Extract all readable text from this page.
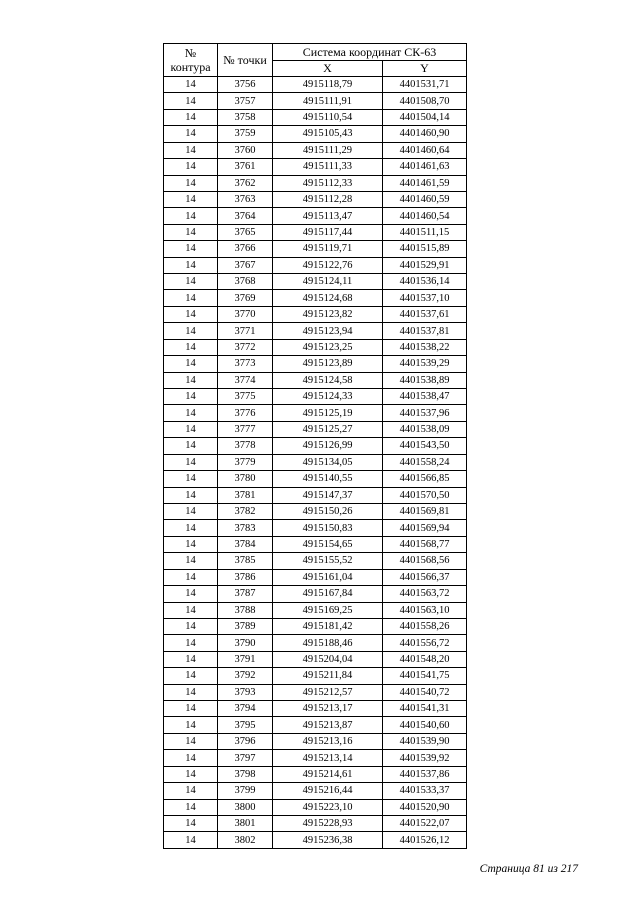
№ контура	№ точки	Система координат СК-63	
		X	Y
14	3756	4915118,79	4401531,71
14	3757	4915111,91	4401508,70
14	3758	4915110,54	4401504,14
14	3759	4915105,43	4401460,90
14	3760	4915111,29	4401460,64
14	3761	4915111,33	4401461,63
14	3762	4915112,33	4401461,59
14	3763	4915112,28	4401460,59
14	3764	4915113,47	4401460,54
14	3765	4915117,44	4401511,15
14	3766	4915119,71	4401515,89
14	3767	4915122,76	4401529,91
14	3768	4915124,11	4401536,14
14	3769	4915124,68	4401537,10
14	3770	4915123,82	4401537,61
14	3771	4915123,94	4401537,81
14	3772	4915123,25	4401538,22
14	3773	4915123,89	4401539,29
14	3774	4915124,58	4401538,89
14	3775	4915124,33	4401538,47
14	3776	4915125,19	4401537,96
14	3777	4915125,27	4401538,09
14	3778	4915126,99	4401543,50
14	3779	4915134,05	4401558,24
14	3780	4915140,55	4401566,85
14	3781	4915147,37	4401570,50
14	3782	4915150,26	4401569,81
14	3783	4915150,83	4401569,94
14	3784	4915154,65	4401568,77
14	3785	4915155,52	4401568,56
14	3786	4915161,04	4401566,37
14	3787	4915167,84	4401563,72
14	3788	4915169,25	4401563,10
14	3789	4915181,42	4401558,26
14	3790	4915188,46	4401556,72
14	3791	4915204,04	4401548,20
14	3792	4915211,84	4401541,75
14	3793	4915212,57	4401540,72
14	3794	4915213,17	4401541,31
14	3795	4915213,87	4401540,60
14	3796	4915213,16	4401539,90
14	3797	4915213,14	4401539,92
14	3798	4915214,61	4401537,86
14	3799	4915216,44	4401533,37
14	3800	4915223,10	4401520,90
14	3801	4915228,93	4401522,07
14	3802	4915236,38	4401526,12
Страница 81 из 217
